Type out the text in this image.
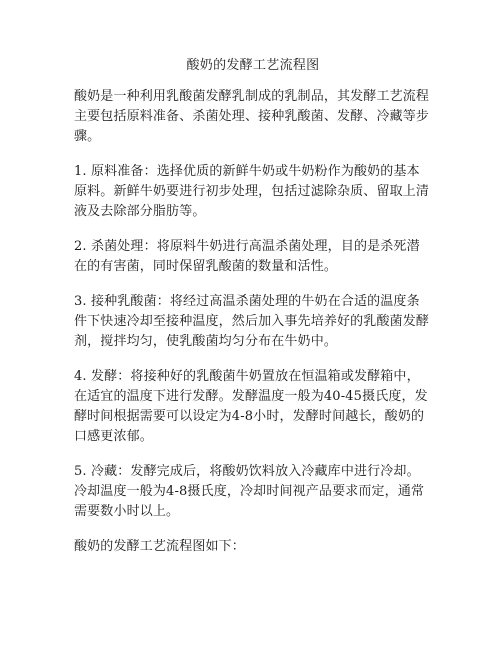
酸奶的发酵工艺流程图

酸奶是一种利用乳酸菌发酵乳制成的乳制品，其发酵工艺流程主要包括原料准备、杀菌处理、接种乳酸菌、发酵、冷藏等步骤。

1. 原料准备：选择优质的新鲜牛奶或牛奶粉作为酸奶的基本原料。新鲜牛奶要进行初步处理，包括过滤除杂质、留取上清液及去除部分脂肪等。

2. 杀菌处理：将原料牛奶进行高温杀菌处理，目的是杀死潜在的有害菌，同时保留乳酸菌的数量和活性。

3. 接种乳酸菌：将经过高温杀菌处理的牛奶在合适的温度条件下快速冷却至接种温度，然后加入事先培养好的乳酸菌发酵剂，搅拌均匀，使乳酸菌均匀分布在牛奶中。

4. 发酵：将接种好的乳酸菌牛奶置放在恒温箱或发酵箱中，在适宜的温度下进行发酵。发酵温度一般为40-45摄氏度，发酵时间根据需要可以设定为4-8小时，发酵时间越长，酸奶的口感更浓郁。

5. 冷藏：发酵完成后，将酸奶饮料放入冷藏库中进行冷却。冷却温度一般为4-8摄氏度，冷却时间视产品要求而定，通常需要数小时以上。

酸奶的发酵工艺流程图如下：
